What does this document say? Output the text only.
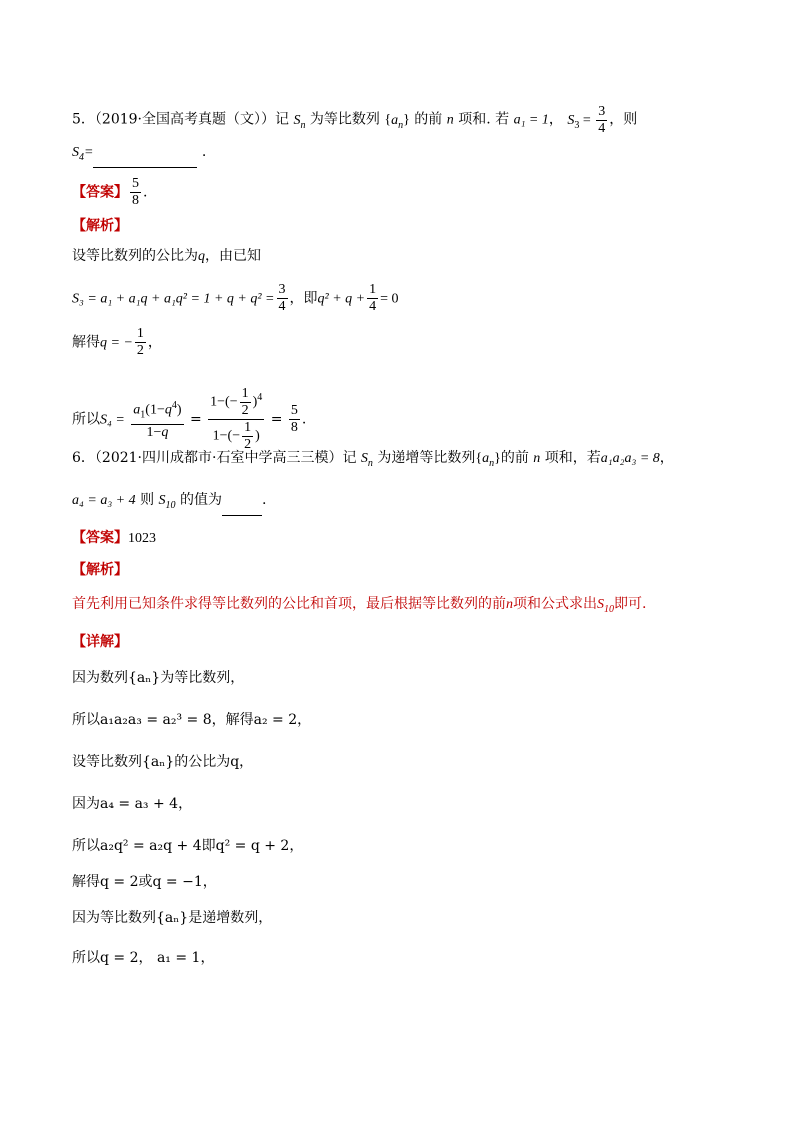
5．（2019·全国高考真题（文））记 $S_n$ 为等比数列 $\{a_n\}$ 的前 n 项和. 若 a₁ = 1， $S_3 = \frac{3}{4}$ ，则
$S_4=$	.
【答案】 $\frac{5}{8}$ .
【解析】
设等比数列的公比为q，由已知
$S_3 = a_1 + a_1q + a_1q^2 = 1 + q + q^2 = \frac{3}{4}$ ，即$q^2 + q + \frac{1}{4} = 0$
解得q = − $\frac{1}{2}$ ，
所以$S_4 = \frac{a_1(1-q^4)}{1-q} = \frac{1-(- \frac{1}{2} )^4}{1-(- \frac{1}{2} )} = \frac{5}{8}$ .
6．（2021·四川成都市·石室中学高三三模）记 $S_n$ 为递增等比数列$\{a_n\}$的前 n 项和，若a₁a₂a₃ = 8，
a₄ = a₃ + 4 则 $S_{10}$ 的值为	.
【答案】1023
【解析】
首先利用已知条件求得等比数列的公比和首项，最后根据等比数列的前n项和公式求出$S_{10}$即可.
【详解】
因为数列{aₙ}为等比数列，
所以a₁a₂a₃ = a₂³ = 8，解得a₂ = 2，
设等比数列{aₙ}的公比为q，
因为a₄ = a₃ + 4，
所以a₂q² = a₂q + 4即q² = q + 2，
解得q = 2或q = −1，
因为等比数列{aₙ}是递增数列，
所以q = 2， a₁ = 1，
